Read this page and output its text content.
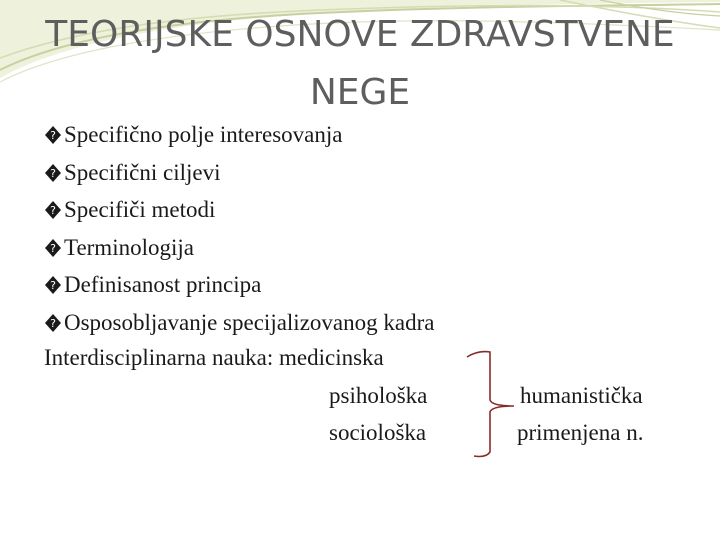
TEORIJSKE OSNOVE ZDRAVSTVENE
NEGE
? Specifično polje interesovanja
? Specifični ciljevi
? Specifiči metodi
? Terminologija
? Definisanost principa
? Osposobljavanje specijalizovanog kadra
Interdisciplinarna nauka: medicinska
psihološka
sociološka
humanistička
primenjena n.
